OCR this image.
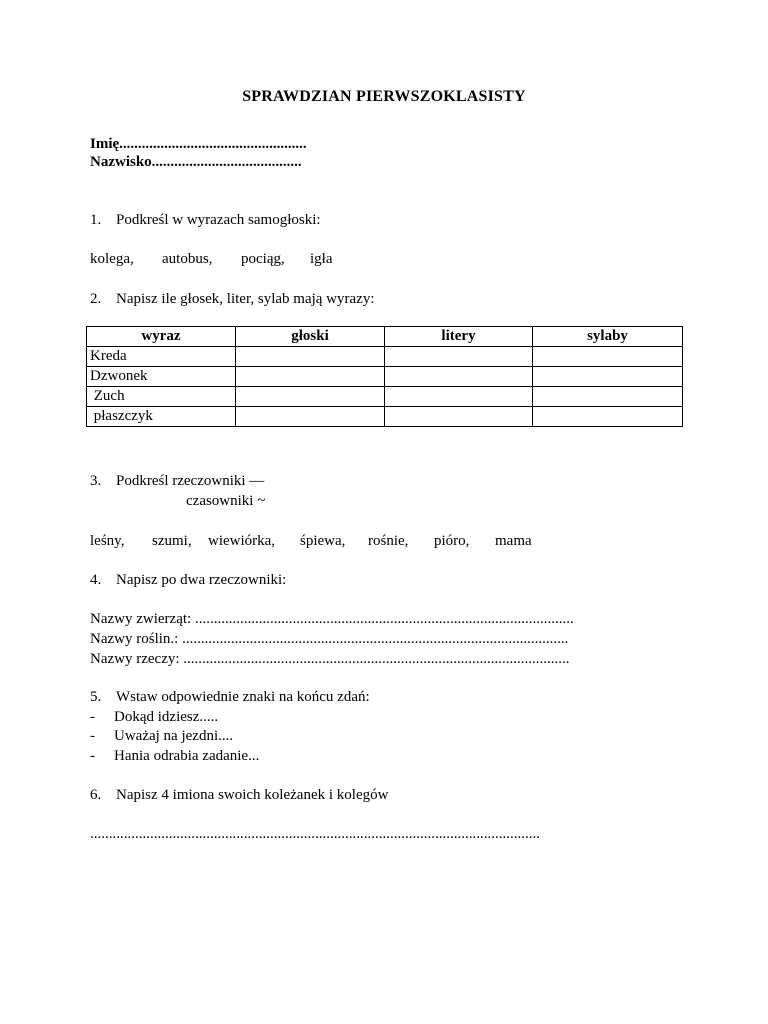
SPRAWDZIAN PIERWSZOKLASISTY
Imię..................................................
Nazwisko........................................
1. Podkreśl w wyrazach samogłoski:
kolega, autobus, pociąg, igła
2. Napisz ile głosek, liter, sylab mają wyrazy:
wyraz	głoski	litery	sylaby
Kreda			
Dzwonek			
Zuch			
płaszczyk			
3. Podkreśl rzeczowniki —
czasowniki ~
leśny, szumi, wiewiórka, śpiewa, rośnie, pióro, mama
4. Napisz po dwa rzeczowniki:
Nazwy zwierząt: .....................................................................................................
Nazwy roślin.: .......................................................................................................
Nazwy rzeczy: .......................................................................................................
5. Wstaw odpowiednie znaki na końcu zdań:
- Dokąd idziesz.....
- Uważaj na jezdni....
- Hania odrabia zadanie...
6. Napisz 4 imiona swoich koleżanek i kolegów
........................................................................................................................
